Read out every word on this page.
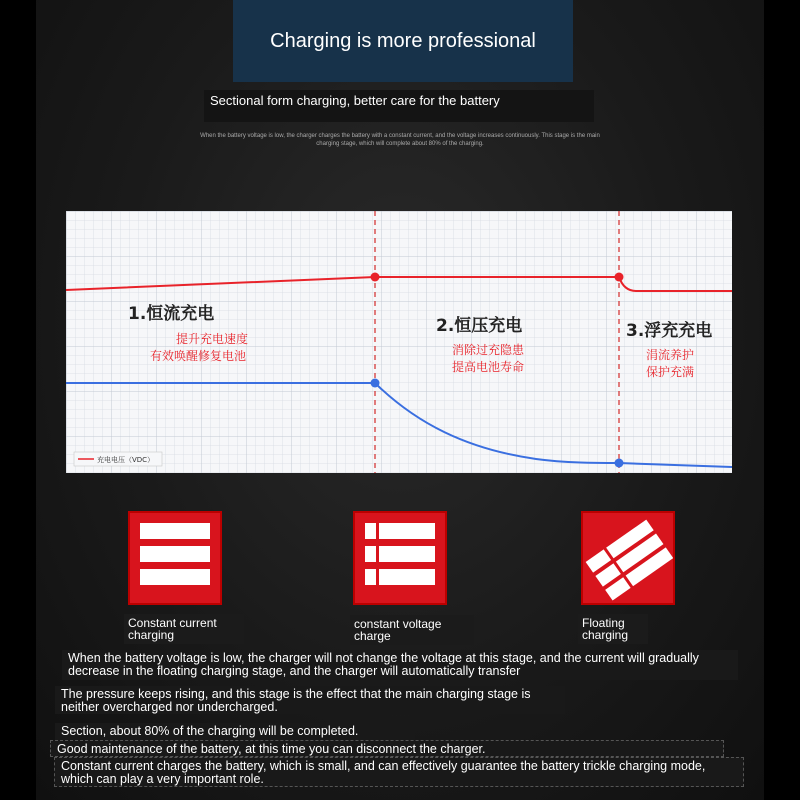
Charging is more professional
Sectional form charging, better care for the battery
When the battery voltage is low, the charger charges the battery with a constant current, and the voltage increases continuously. This stage is the main charging stage, which will complete about 80% of the charging.
1.恒流充电
提升充电速度
有效唤醒修复电池
2.恒压充电
消除过充隐患
提高电池寿命
3.浮充充电
涓流养护
保护充满
充电电压（VDC）
Constant current charging
constant voltage charge
Floating charging
When the battery voltage is low, the charger will not change the voltage at this stage, and the current will gradually decrease in the floating charging stage, and the charger will automatically transfer
The pressure keeps rising, and this stage is the effect that the main charging stage is neither overcharged nor undercharged.
Section, about 80% of the charging will be completed.
Good maintenance of the battery, at this time you can disconnect the charger.
Constant current charges the battery, which is small, and can effectively guarantee the battery trickle charging mode, which can play a very important role.
